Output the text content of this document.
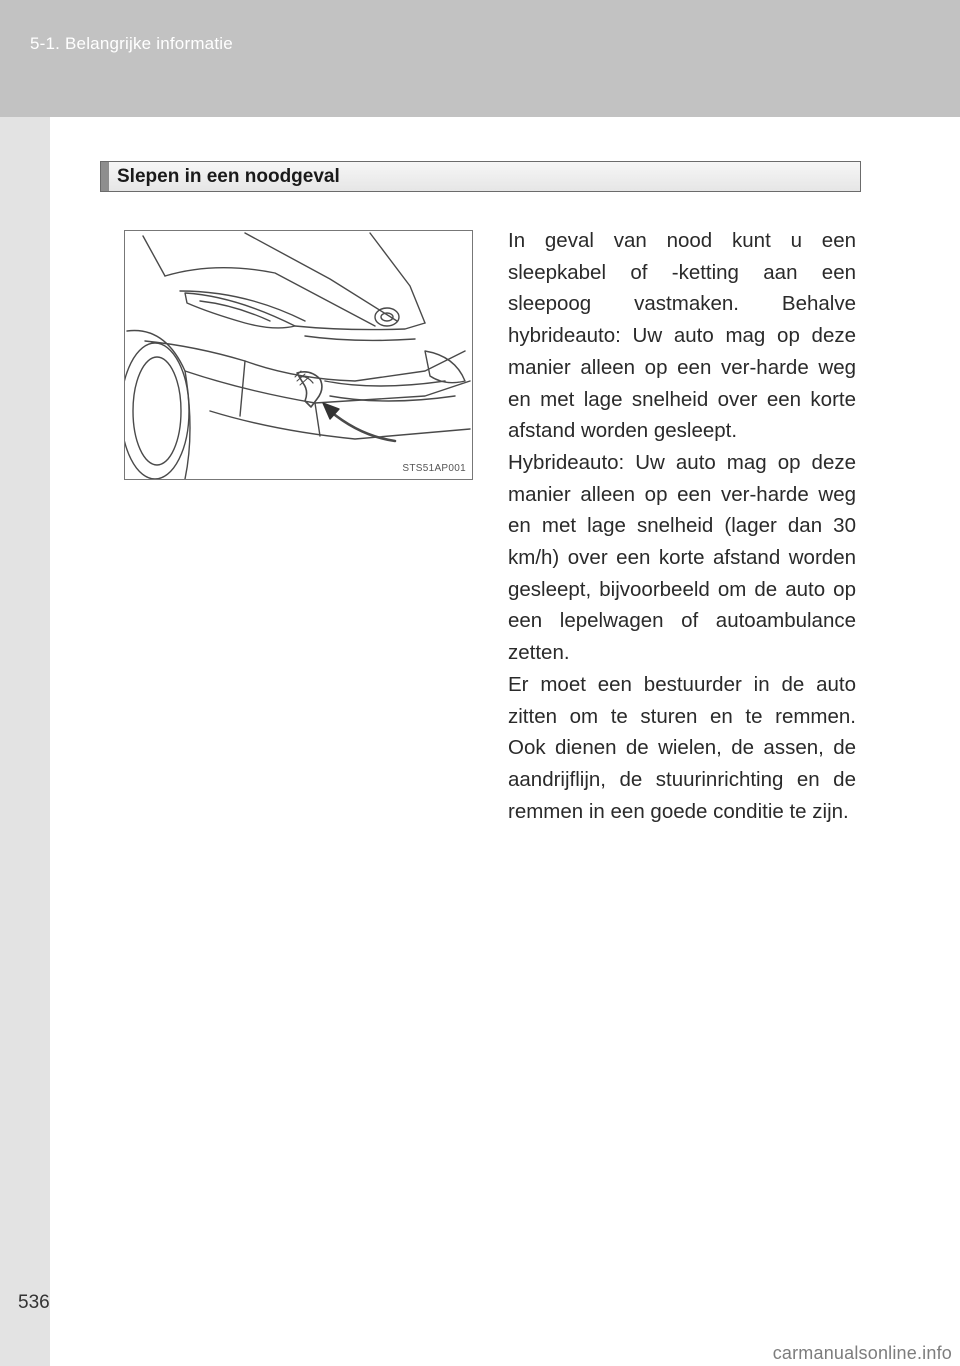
5-1. Belangrijke informatie
536
Slepen in een noodgeval
STS51AP001

In geval van nood kunt u een sleepkabel of -ketting aan een sleepoog vastmaken. Behalve hybrideauto: Uw auto mag op deze manier alleen op een ver-harde weg en met lage snelheid over een korte afstand worden gesleept.

Hybrideauto: Uw auto mag op deze manier alleen op een ver-harde weg en met lage snelheid (lager dan 30 km/h) over een korte afstand worden gesleept, bijvoorbeeld om de auto op een lepelwagen of autoambulance zetten.

Er moet een bestuurder in de auto zitten om te sturen en te remmen. Ook dienen de wielen, de assen, de aandrijflijn, de stuurinrichting en de remmen in een goede conditie te zijn.

carmanualsonline.info
